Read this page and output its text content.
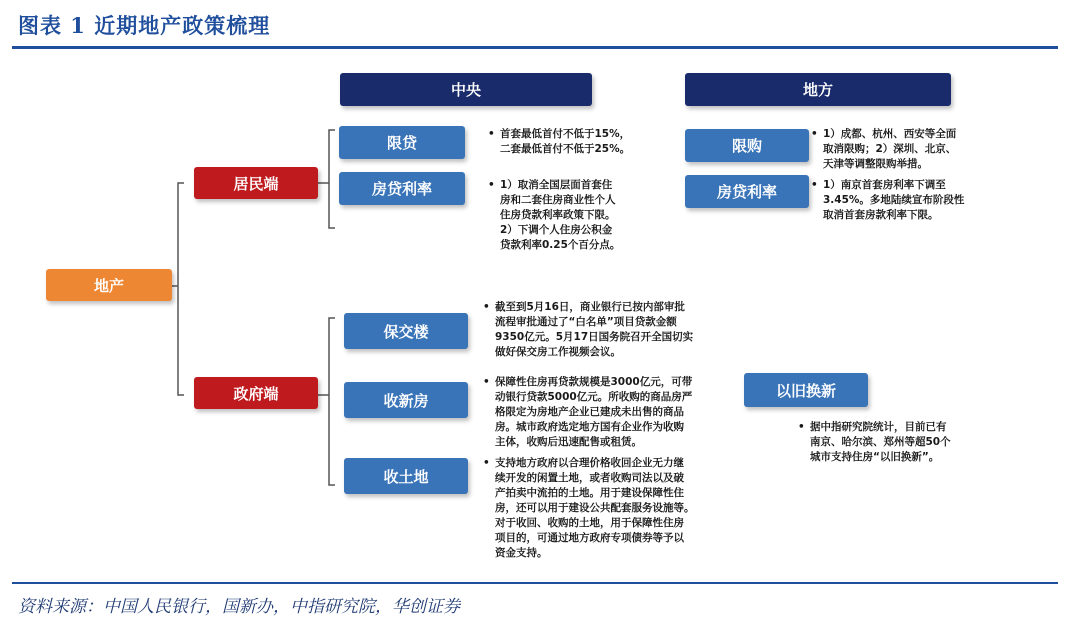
图表 1 近期地产政策梳理
中央	地方
地产
居民端
政府端
限贷
房贷利率
保交楼
收新房
收土地
限购
房贷利率
以旧换新
• 首套最低首付不低于15%，
二套最低首付不低于25%。
• 1）取消全国层面首套住
房和二套住房商业性个人
住房贷款利率政策下限。
2）下调个人住房公积金
贷款利率0.25个百分点。
• 截至到5月16日，商业银行已按内部审批
流程审批通过了“白名单”项目贷款金额
9350亿元。5月17日国务院召开全国切实
做好保交房工作视频会议。
• 保障性住房再贷款规模是3000亿元，可带
动银行贷款5000亿元。所收购的商品房严
格限定为房地产企业已建成未出售的商品
房。城市政府选定地方国有企业作为收购
主体，收购后迅速配售或租赁。
• 支持地方政府以合理价格收回企业无力继
续开发的闲置土地，或者收购司法以及破
产拍卖中流拍的土地。用于建设保障性住
房，还可以用于建设公共配套服务设施等。
对于收回、收购的土地，用于保障性住房
项目的，可通过地方政府专项债券等予以
资金支持。
• 1）成都、杭州、西安等全面
取消限购；2）深圳、北京、
天津等调整限购举措。
• 1）南京首套房利率下调至
3.45%。多地陆续宣布阶段性
取消首套房款利率下限。
• 据中指研究院统计，目前已有
南京、哈尔滨、郑州等超50个
城市支持住房“以旧换新”。
资料来源：中国人民银行，国新办，中指研究院，华创证券
